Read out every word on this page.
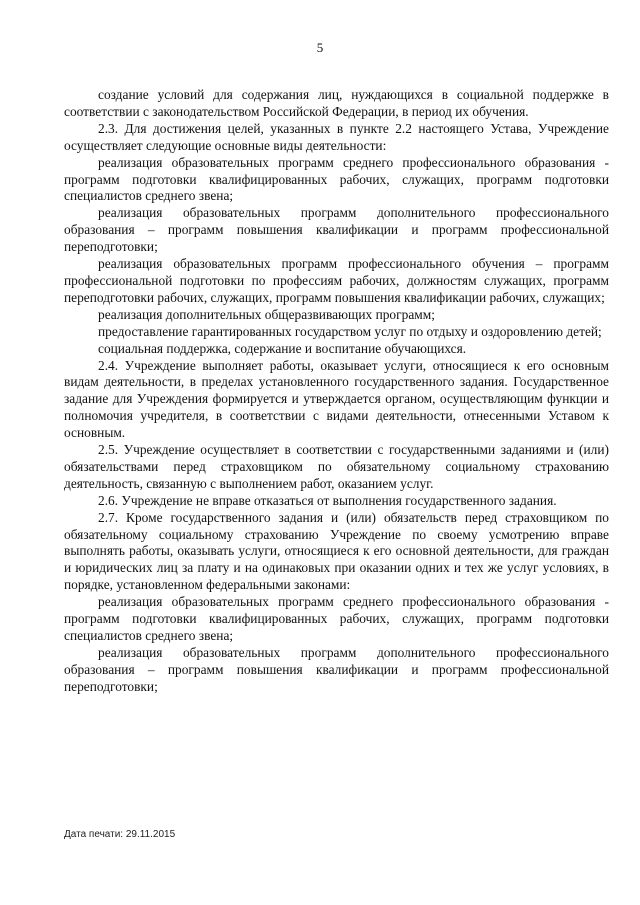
5

создание условий для содержания лиц, нуждающихся в социальной поддержке в соответствии с законодательством Российской Федерации, в период их обучения.

2.3. Для достижения целей, указанных в пункте 2.2 настоящего Устава, Учреждение осуществляет следующие основные виды деятельности:

реализация образовательных программ среднего профессионального образования - программ подготовки квалифицированных рабочих, служащих, программ подготовки специалистов среднего звена;

реализация образовательных программ дополнительного профессионального образования – программ повышения квалификации и программ профессиональной переподготовки;

реализация образовательных программ профессионального обучения – программ профессиональной подготовки по профессиям рабочих, должностям служащих, программ переподготовки рабочих, служащих, программ повышения квалификации рабочих, служащих;

реализация дополнительных общеразвивающих программ;

предоставление гарантированных государством услуг по отдыху и оздоровлению детей;

социальная поддержка, содержание и воспитание обучающихся.

2.4. Учреждение выполняет работы, оказывает услуги, относящиеся к его основным видам деятельности, в пределах установленного государственного задания. Государственное задание для Учреждения формируется и утверждается органом, осуществляющим функции и полномочия учредителя, в соответствии с видами деятельности, отнесенными Уставом к основным.

2.5. Учреждение осуществляет в соответствии с государственными заданиями и (или) обязательствами перед страховщиком по обязательному социальному страхованию деятельность, связанную с выполнением работ, оказанием услуг.

2.6. Учреждение не вправе отказаться от выполнения государственного задания.

2.7. Кроме государственного задания и (или) обязательств перед страховщиком по обязательному социальному страхованию Учреждение по своему усмотрению вправе выполнять работы, оказывать услуги, относящиеся к его основной деятельности, для граждан и юридических лиц за плату и на одинаковых при оказании одних и тех же услуг условиях, в порядке, установленном федеральными законами:

реализация образовательных программ среднего профессионального образования - программ подготовки квалифицированных рабочих, служащих, программ подготовки специалистов среднего звена;

реализация образовательных программ дополнительного профессионального образования – программ повышения квалификации и программ профессиональной переподготовки;

Дата печати: 29.11.2015
